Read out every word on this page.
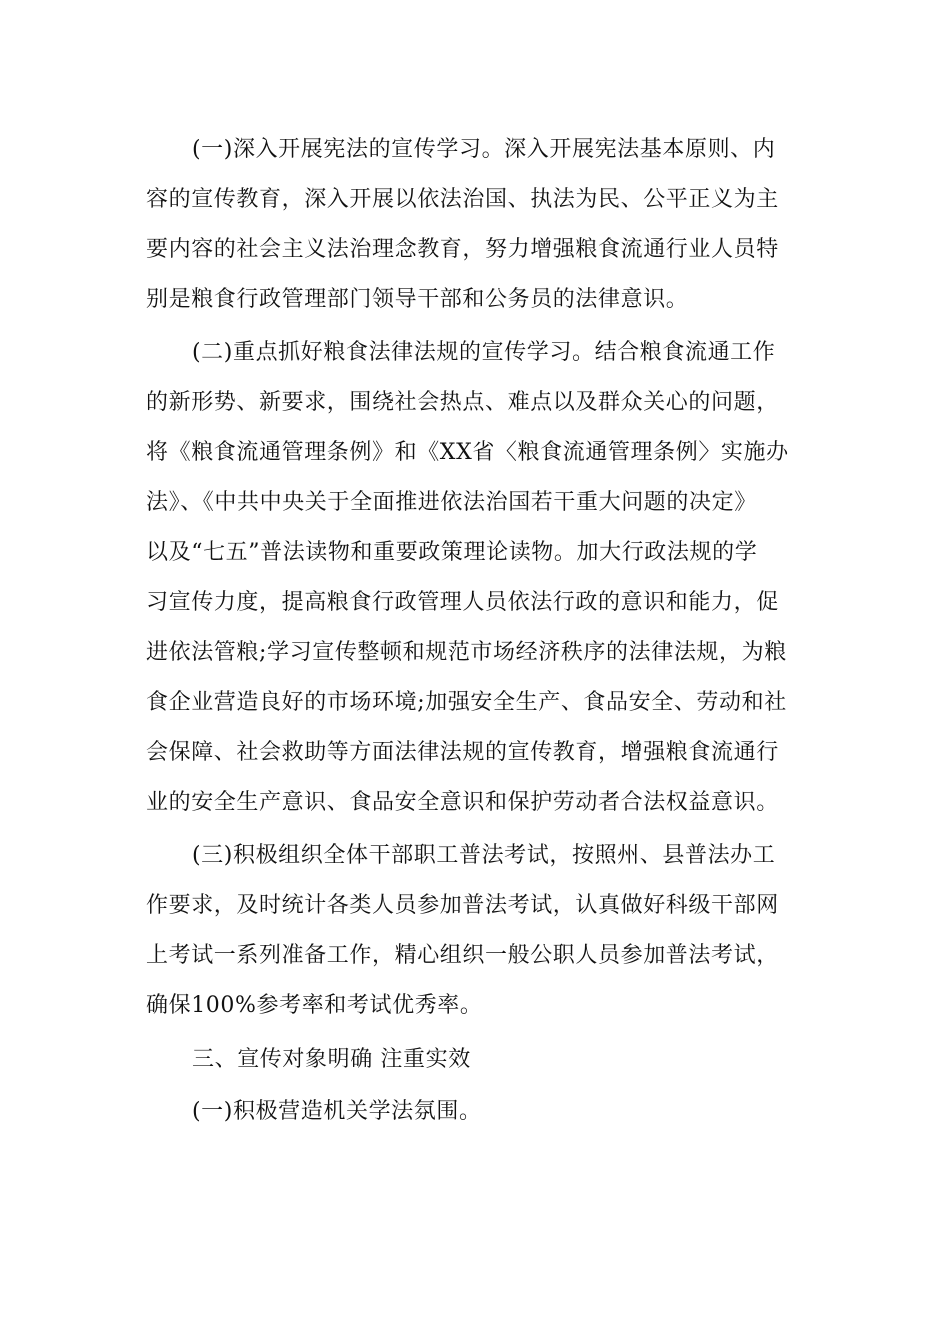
(一)深入开展宪法的宣传学习。深入开展宪法基本原则、内
容的宣传教育，深入开展以依法治国、执法为民、公平正义为主
要内容的社会主义法治理念教育，努力增强粮食流通行业人员特
别是粮食行政管理部门领导干部和公务员的法律意识。
(二)重点抓好粮食法律法规的宣传学习。结合粮食流通工作
的新形势、新要求，围绕社会热点、难点以及群众关心的问题，
将《粮食流通管理条例》和《XX省〈粮食流通管理条例〉实施办
法》、《中共中央关于全面推进依法治国若干重大问题的决定》
以及“七五”普法读物和重要政策理论读物。加大行政法规的学
习宣传力度，提高粮食行政管理人员依法行政的意识和能力，促
进依法管粮;学习宣传整顿和规范市场经济秩序的法律法规，为粮
食企业营造良好的市场环境;加强安全生产、食品安全、劳动和社
会保障、社会救助等方面法律法规的宣传教育，增强粮食流通行
业的安全生产意识、食品安全意识和保护劳动者合法权益意识。
(三)积极组织全体干部职工普法考试，按照州、县普法办工
作要求，及时统计各类人员参加普法考试，认真做好科级干部网
上考试一系列准备工作，精心组织一般公职人员参加普法考试，
确保100%参考率和考试优秀率。
三、宣传对象明确 注重实效
(一)积极营造机关学法氛围。
